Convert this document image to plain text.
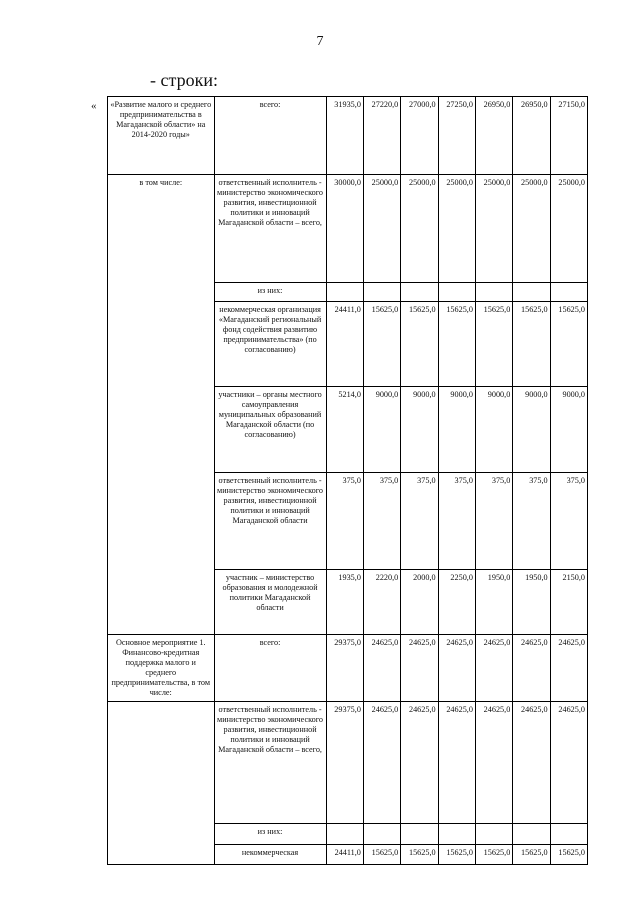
7
- строки:
« «Развитие малого и среднего предпринимательства в Магаданской области» на 2014-2020 годы»	всего:	31935,0	27220,0	27000,0	27250,0	26950,0	26950,0	27150,0
в том числе:	ответственный исполнитель - министерство экономического развития, инвестиционной политики и инноваций Магаданской области – всего,	30000,0	25000,0	25000,0	25000,0	25000,0	25000,0	25000,0
	из них:							
	некоммерческая организация «Магаданский региональный фонд содействия развитию предпринимательства» (по согласованию)	24411,0	15625,0	15625,0	15625,0	15625,0	15625,0	15625,0
	участники – органы местного самоуправления муниципальных образований Магаданской области (по согласованию)	5214,0	9000,0	9000,0	9000,0	9000,0	9000,0	9000,0
	ответственный исполнитель - министерство экономического развития, инвестиционной политики и инноваций Магаданской области	375,0	375,0	375,0	375,0	375,0	375,0	375,0
	участник – министерство образования и молодежной политики Магаданской области	1935,0	2220,0	2000,0	2250,0	1950,0	1950,0	2150,0
Основное мероприятие 1. Финансово-кредитная поддержка малого и среднего предпринимательства, в том числе:	всего:	29375,0	24625,0	24625,0	24625,0	24625,0	24625,0	24625,0
	ответственный исполнитель - министерство экономического развития, инвестиционной политики и инноваций Магаданской области – всего,	29375,0	24625,0	24625,0	24625,0	24625,0	24625,0	24625,0
	из них:							
	некоммерческая	24411,0	15625,0	15625,0	15625,0	15625,0	15625,0	15625,0
